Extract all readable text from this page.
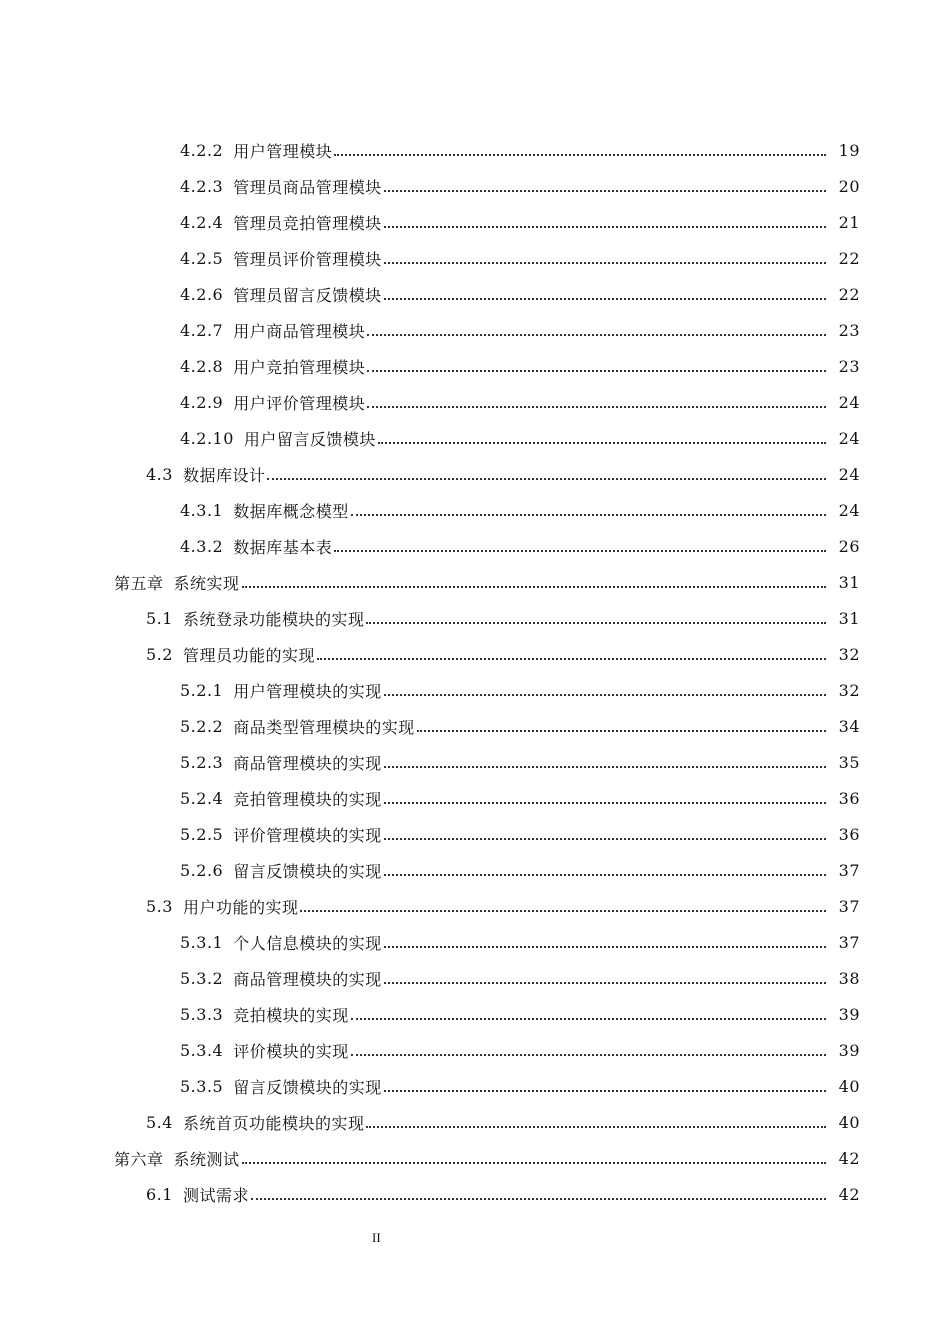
4.2.2 用户管理模块	19
4.2.3 管理员商品管理模块	20
4.2.4 管理员竞拍管理模块	21
4.2.5 管理员评价管理模块	22
4.2.6 管理员留言反馈模块	22
4.2.7 用户商品管理模块	23
4.2.8 用户竞拍管理模块	23
4.2.9 用户评价管理模块	24
4.2.10 用户留言反馈模块	24
4.3 数据库设计	24
4.3.1 数据库概念模型	24
4.3.2 数据库基本表	26
第五章 系统实现	31
5.1 系统登录功能模块的实现	31
5.2 管理员功能的实现	32
5.2.1 用户管理模块的实现	32
5.2.2 商品类型管理模块的实现	34
5.2.3 商品管理模块的实现	35
5.2.4 竞拍管理模块的实现	36
5.2.5 评价管理模块的实现	36
5.2.6 留言反馈模块的实现	37
5.3 用户功能的实现	37
5.3.1 个人信息模块的实现	37
5.3.2 商品管理模块的实现	38
5.3.3 竞拍模块的实现	39
5.3.4 评价模块的实现	39
5.3.5 留言反馈模块的实现	40
5.4 系统首页功能模块的实现	40
第六章 系统测试	42
6.1 测试需求	42
II
